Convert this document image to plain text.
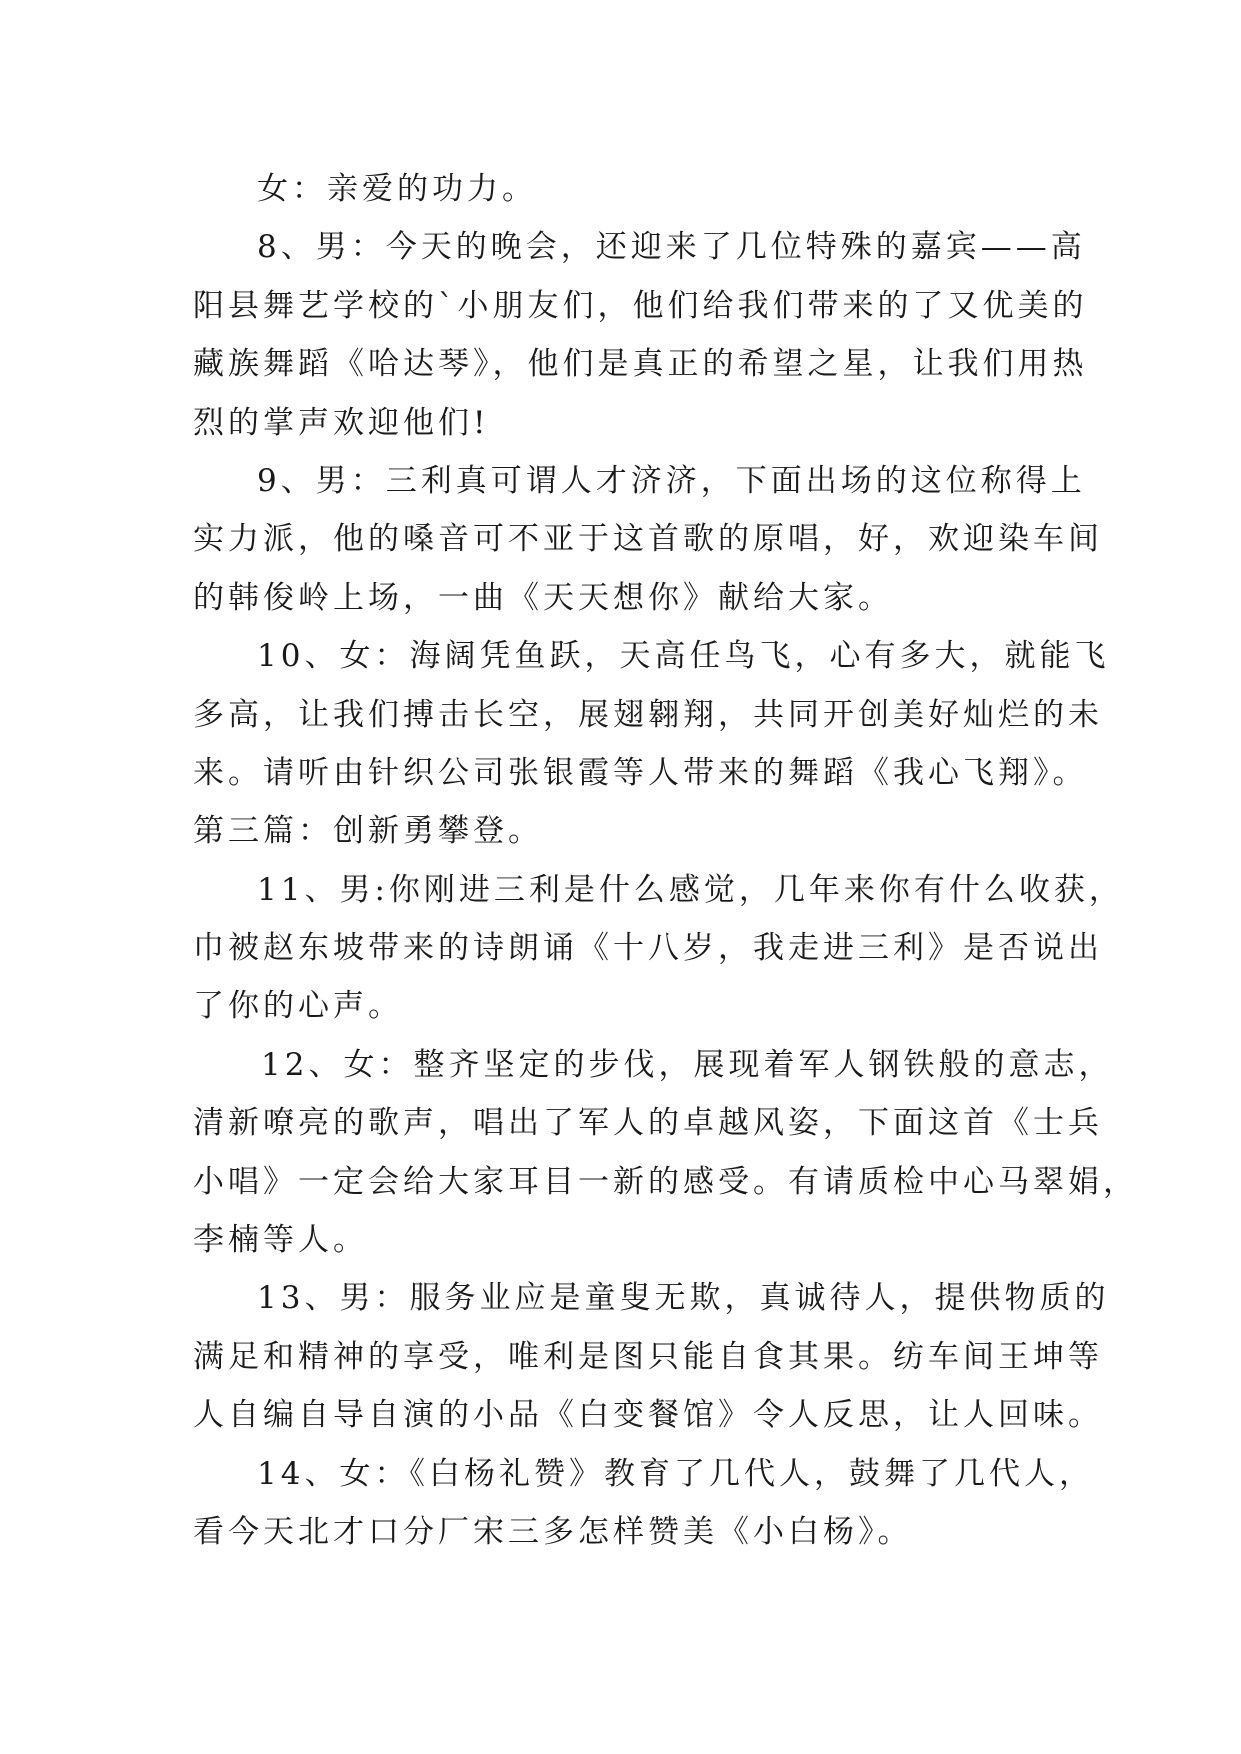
女：亲爱的功力。

8、男：今天的晚会，还迎来了几位特殊的嘉宾——高
阳县舞艺学校的`小朋友们，他们给我们带来的了又优美的
藏族舞蹈《哈达琴》，他们是真正的希望之星，让我们用热
烈的掌声欢迎他们!

9、男：三利真可谓人才济济，下面出场的这位称得上
实力派，他的嗓音可不亚于这首歌的原唱，好，欢迎染车间
的韩俊岭上场，一曲《天天想你》献给大家。

10、女：海阔凭鱼跃，天高任鸟飞，心有多大，就能飞
多高，让我们搏击长空，展翅翱翔，共同开创美好灿烂的未
来。请听由针织公司张银霞等人带来的舞蹈《我心飞翔》。
第三篇：创新勇攀登。

11、男:你刚进三利是什么感觉，几年来你有什么收获，
巾被赵东坡带来的诗朗诵《十八岁，我走进三利》是否说出
了你的心声。

12、女：整齐坚定的步伐，展现着军人钢铁般的意志，
清新嘹亮的歌声，唱出了军人的卓越风姿，下面这首《士兵
小唱》一定会给大家耳目一新的感受。有请质检中心马翠娟，
李楠等人。

13、男：服务业应是童叟无欺，真诚待人，提供物质的
满足和精神的享受，唯利是图只能自食其果。纺车间王坤等
人自编自导自演的小品《白变餐馆》令人反思，让人回味。

14、女：《白杨礼赞》教育了几代人，鼓舞了几代人，
看今天北才口分厂宋三多怎样赞美《小白杨》。
